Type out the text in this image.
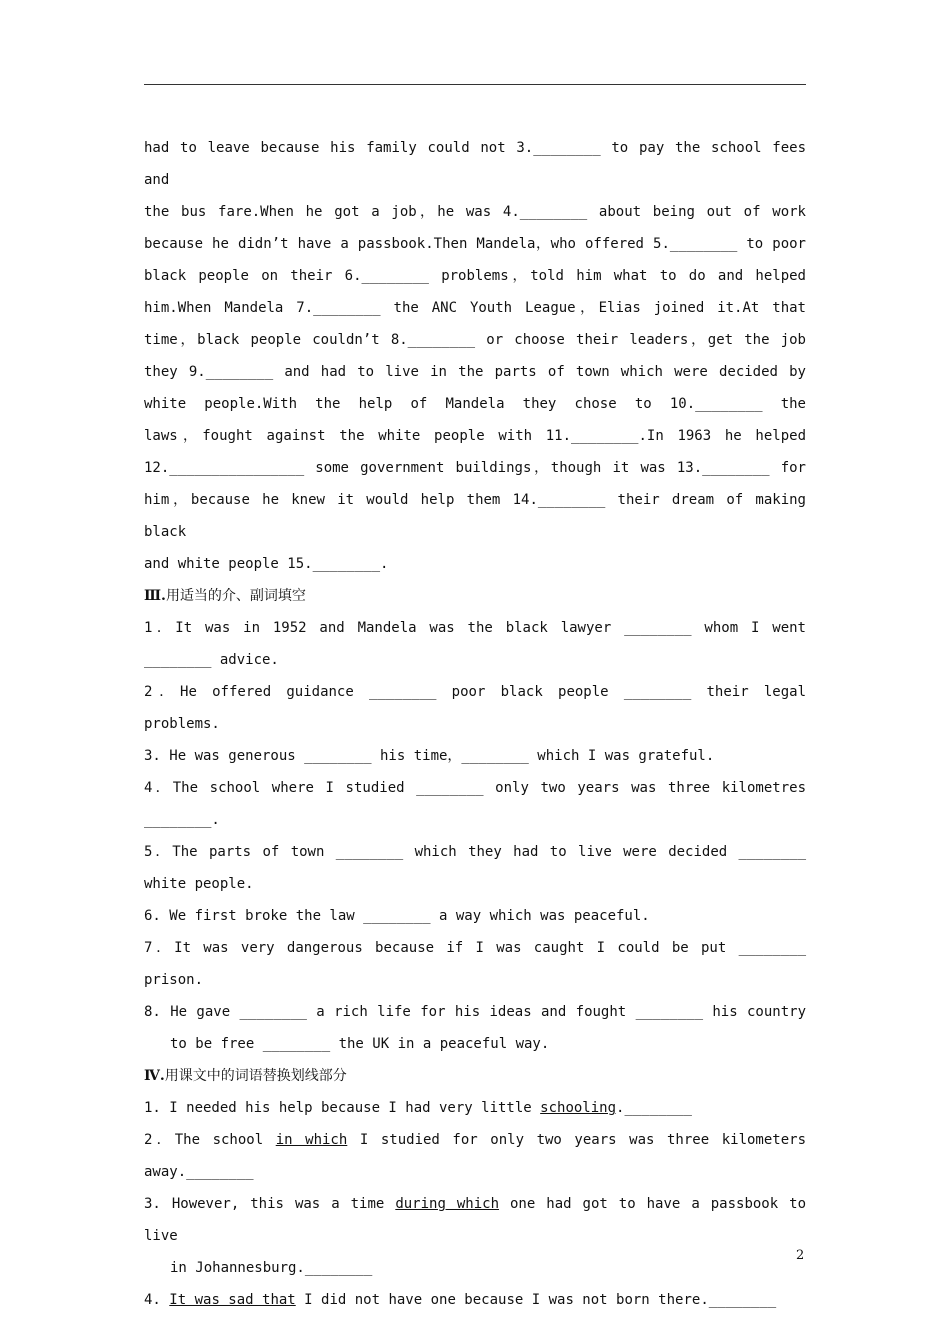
had to leave because his family could not 3.________ to pay the school fees and
the bus fare.When he got a job，he was 4.________ about being out of work
because he didn’t have a passbook.Then Mandela，who offered 5.________ to poor
black people on their 6.________ problems，told him what to do and helped
him.When Mandela 7.________ the ANC Youth League，Elias joined it.At that
time，black people couldn’t 8.________ or choose their leaders，get the job
they 9.________ and had to live in the parts of town which were decided by
white people.With the help of Mandela they chose to 10.________ the
laws，fought against the white people with 11.________.In 1963 he helped
12.________________ some government buildings，though it was 13.________ for
him，because he knew it would help them 14.________ their dream of making black
and white people 15.________.
Ⅲ.用适当的介、副词填空
1．It was in 1952 and Mandela was the black lawyer ________ whom I went
________ advice.
2．He offered guidance ________ poor black people ________ their legal
problems.
3. He was generous ________ his time，________ which I was grateful.
4．The school where I studied ________ only two years was three kilometres
________.
5．The parts of town ________ which they had to live were decided ________
white people.
6. We first broke the law ________ a way which was peaceful.
7．It was very dangerous because if I was caught I could be put ________
prison.
8. He gave ________ a rich life for his ideas and fought ________ his country
to be free ________ the UK in a peaceful way.
Ⅳ.用课文中的词语替换划线部分
1. I needed his help because I had very little schooling.________
2．The school in which I studied for only two years was three kilometers
away.________
3. However, this was a time during which one had got to have a passbook to live
in Johannesburg.________
4. It was sad that I did not have one because I was not born there.________
2
